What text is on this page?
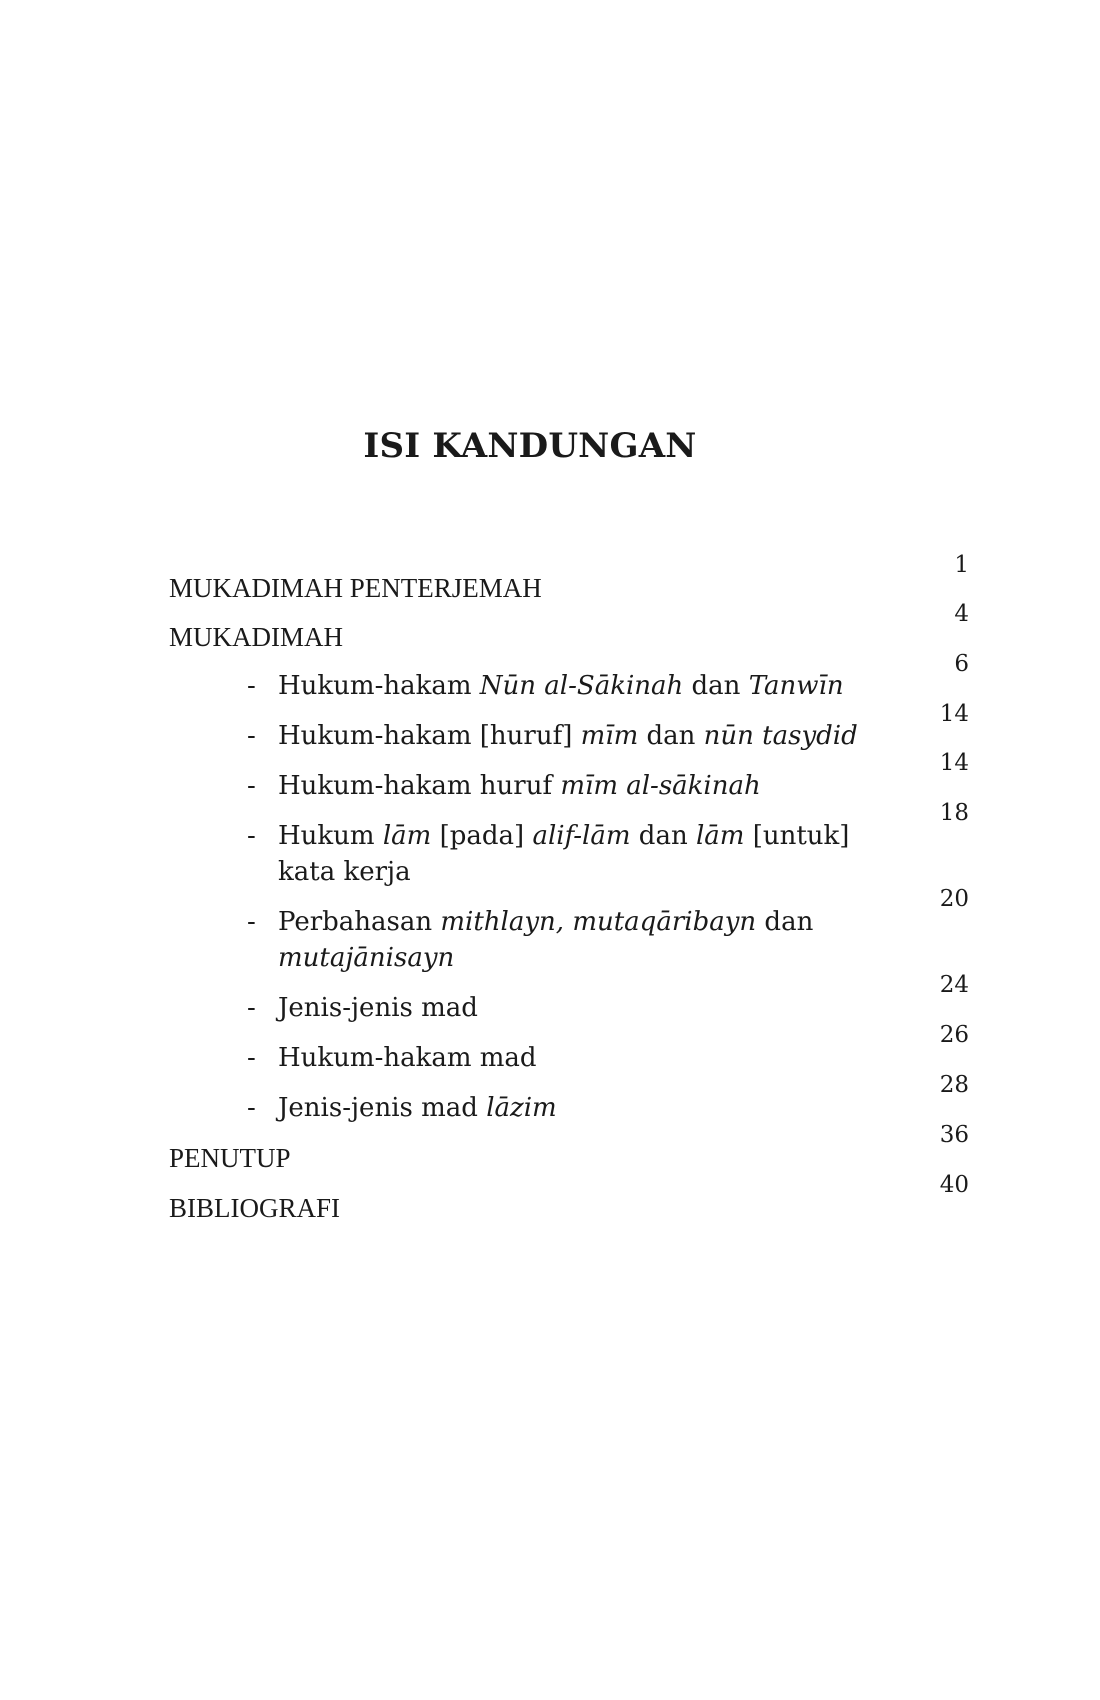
ISI KANDUNGAN
MUKADIMAH PENTERJEMAH
1
MUKADIMAH
4
- Hukum-hakam Nūn al-Sākinah dan Tanwīn
6
- Hukum-hakam [huruf] mīm dan nūn tasydid
14
- Hukum-hakam huruf mīm al-sākinah
14
- Hukum lām [pada] alif-lām dan lām [untuk]
kata kerja
18
- Perbahasan mithlayn, mutaqāribayn dan
mutajānisayn
20
- Jenis-jenis mad
24
- Hukum-hakam mad
26
- Jenis-jenis mad lāzim
28
PENUTUP
36
BIBLIOGRAFI
40
